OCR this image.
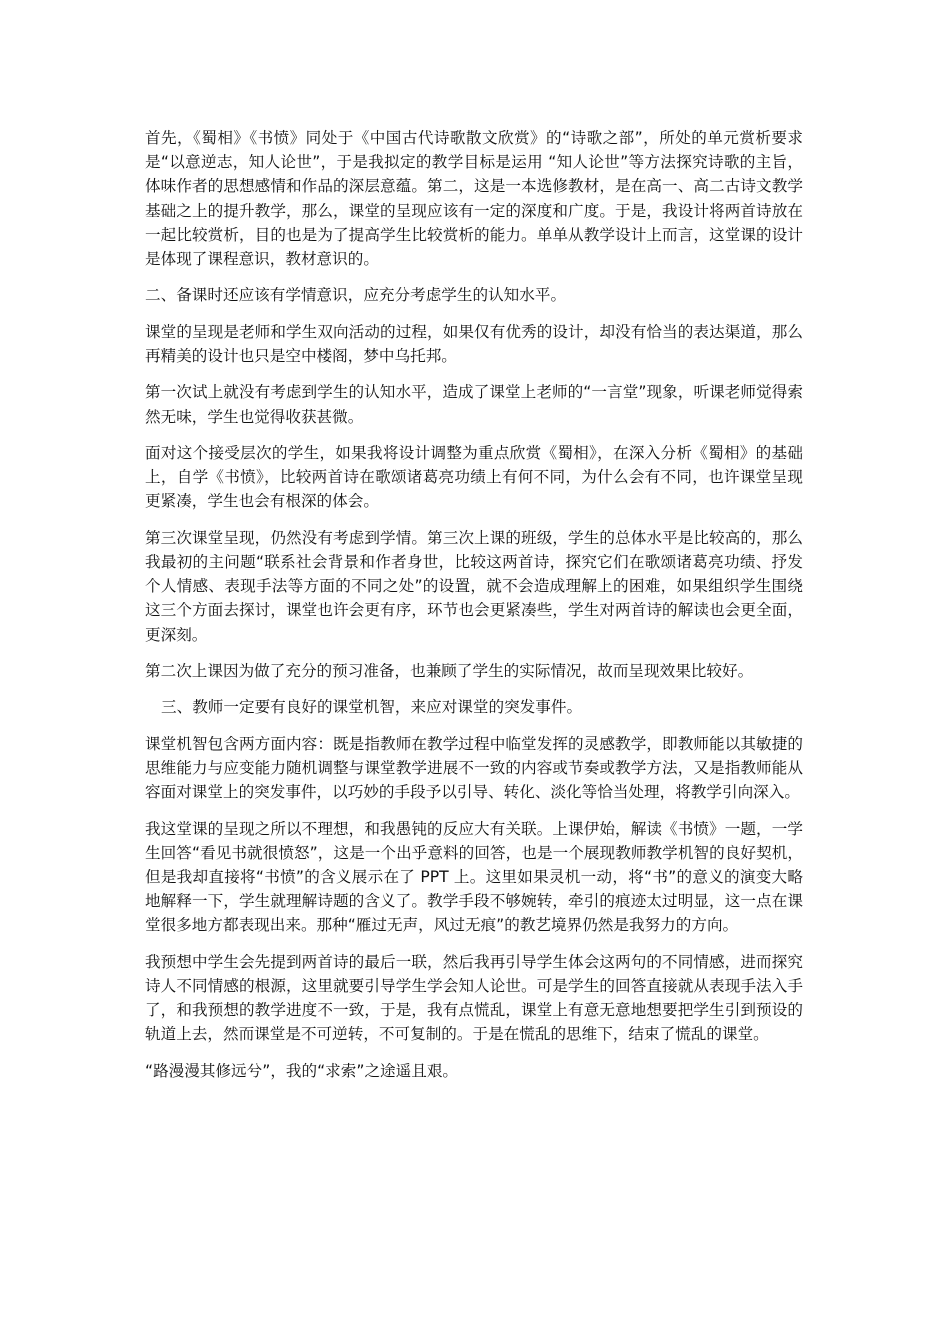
首先，《蜀相》《书愤》同处于《中国古代诗歌散文欣赏》的“诗歌之部”，所处的单元赏析要求是“以意逆志，知人论世”，于是我拟定的教学目标是运用 “知人论世”等方法探究诗歌的主旨，体味作者的思想感情和作品的深层意蕴。第二，这是一本选修教材，是在高一、高二古诗文教学基础之上的提升教学，那么，课堂的呈现应该有一定的深度和广度。于是，我设计将两首诗放在一起比较赏析，目的也是为了提高学生比较赏析的能力。单单从教学设计上而言，这堂课的设计是体现了课程意识，教材意识的。

二、备课时还应该有学情意识，应充分考虑学生的认知水平。

课堂的呈现是老师和学生双向活动的过程，如果仅有优秀的设计，却没有恰当的表达渠道，那么再精美的设计也只是空中楼阁，梦中乌托邦。

第一次试上就没有考虑到学生的认知水平，造成了课堂上老师的“一言堂”现象，听课老师觉得索然无味，学生也觉得收获甚微。

面对这个接受层次的学生，如果我将设计调整为重点欣赏《蜀相》，在深入分析《蜀相》的基础上，自学《书愤》，比较两首诗在歌颂诸葛亮功绩上有何不同，为什么会有不同，也许课堂呈现更紧凑，学生也会有根深的体会。

第三次课堂呈现，仍然没有考虑到学情。第三次上课的班级，学生的总体水平是比较高的，那么我最初的主问题“联系社会背景和作者身世，比较这两首诗，探究它们在歌颂诸葛亮功绩、抒发个人情感、表现手法等方面的不同之处”的设置，就不会造成理解上的困难，如果组织学生围绕这三个方面去探讨，课堂也许会更有序，环节也会更紧凑些，学生对两首诗的解读也会更全面，更深刻。

第二次上课因为做了充分的预习准备，也兼顾了学生的实际情况，故而呈现效果比较好。

三、教师一定要有良好的课堂机智，来应对课堂的突发事件。

课堂机智包含两方面内容：既是指教师在教学过程中临堂发挥的灵感教学，即教师能以其敏捷的思维能力与应变能力随机调整与课堂教学进展不一致的内容或节奏或教学方法，又是指教师能从容面对课堂上的突发事件，以巧妙的手段予以引导、转化、淡化等恰当处理，将教学引向深入。

我这堂课的呈现之所以不理想，和我愚钝的反应大有关联。上课伊始，解读《书愤》一题，一学生回答“看见书就很愤怒”，这是一个出乎意料的回答，也是一个展现教师教学机智的良好契机，但是我却直接将“书愤”的含义展示在了 PPT 上。这里如果灵机一动，将“书”的意义的演变大略地解释一下，学生就理解诗题的含义了。教学手段不够婉转，牵引的痕迹太过明显，这一点在课堂很多地方都表现出来。那种“雁过无声，风过无痕”的教艺境界仍然是我努力的方向。

我预想中学生会先提到两首诗的最后一联，然后我再引导学生体会这两句的不同情感，进而探究诗人不同情感的根源，这里就要引导学生学会知人论世。可是学生的回答直接就从表现手法入手了，和我预想的教学进度不一致，于是，我有点慌乱，课堂上有意无意地想要把学生引到预设的轨道上去，然而课堂是不可逆转，不可复制的。于是在慌乱的思维下，结束了慌乱的课堂。

“路漫漫其修远兮”，我的“求索”之途遥且艰。
